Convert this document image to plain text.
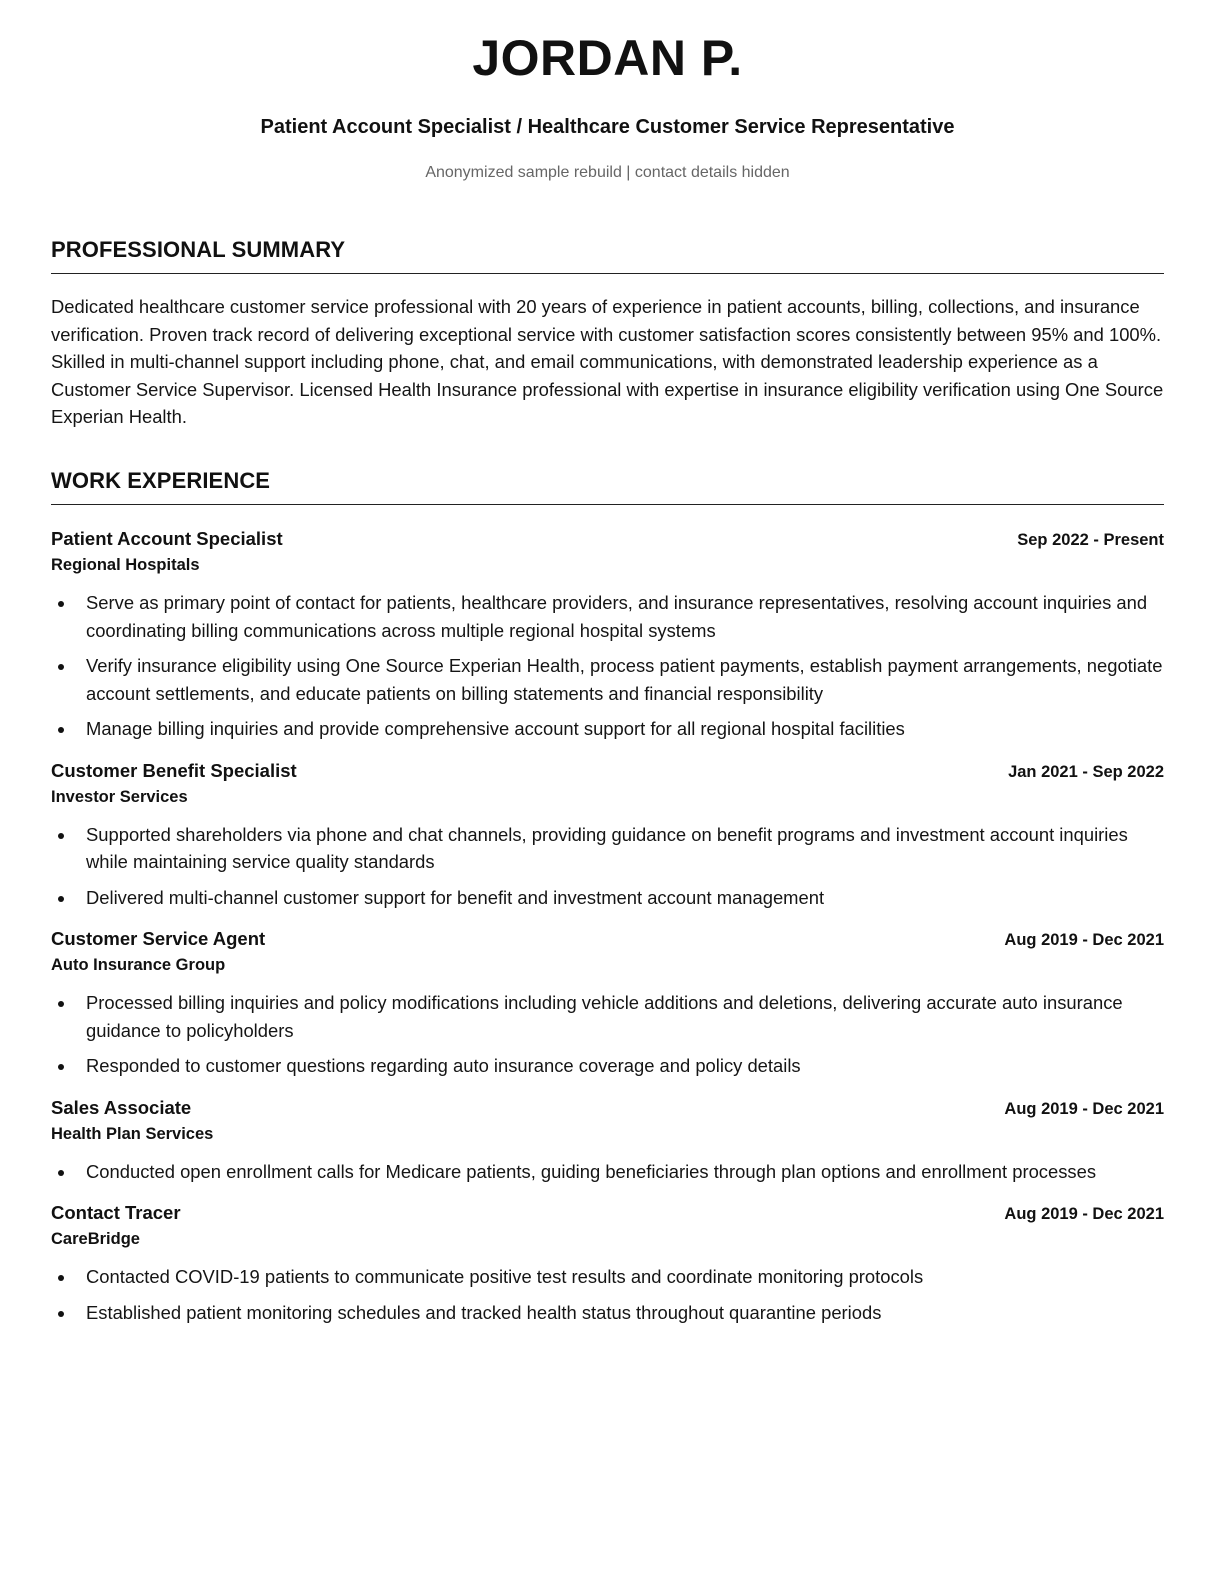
JORDAN P.
Patient Account Specialist / Healthcare Customer Service Representative
Anonymized sample rebuild | contact details hidden
PROFESSIONAL SUMMARY

Dedicated healthcare customer service professional with 20 years of experience in patient accounts, billing, collections, and insurance verification. Proven track record of delivering exceptional service with customer satisfaction scores consistently between 95% and 100%. Skilled in multi-channel support including phone, chat, and email communications, with demonstrated leadership experience as a Customer Service Supervisor. Licensed Health Insurance professional with expertise in insurance eligibility verification using One Source Experian Health.

WORK EXPERIENCE
Patient Account Specialist	Sep 2022 - Present
Regional Hospitals
Serve as primary point of contact for patients, healthcare providers, and insurance representatives, resolving account inquiries and coordinating billing communications across multiple regional hospital systems
Verify insurance eligibility using One Source Experian Health, process patient payments, establish payment arrangements, negotiate account settlements, and educate patients on billing statements and financial responsibility
Manage billing inquiries and provide comprehensive account support for all regional hospital facilities
Customer Benefit Specialist	Jan 2021 - Sep 2022
Investor Services
Supported shareholders via phone and chat channels, providing guidance on benefit programs and investment account inquiries while maintaining service quality standards
Delivered multi-channel customer support for benefit and investment account management
Customer Service Agent	Aug 2019 - Dec 2021
Auto Insurance Group
Processed billing inquiries and policy modifications including vehicle additions and deletions, delivering accurate auto insurance guidance to policyholders
Responded to customer questions regarding auto insurance coverage and policy details
Sales Associate	Aug 2019 - Dec 2021
Health Plan Services
Conducted open enrollment calls for Medicare patients, guiding beneficiaries through plan options and enrollment processes
Contact Tracer	Aug 2019 - Dec 2021
CareBridge
Contacted COVID-19 patients to communicate positive test results and coordinate monitoring protocols
Established patient monitoring schedules and tracked health status throughout quarantine periods
